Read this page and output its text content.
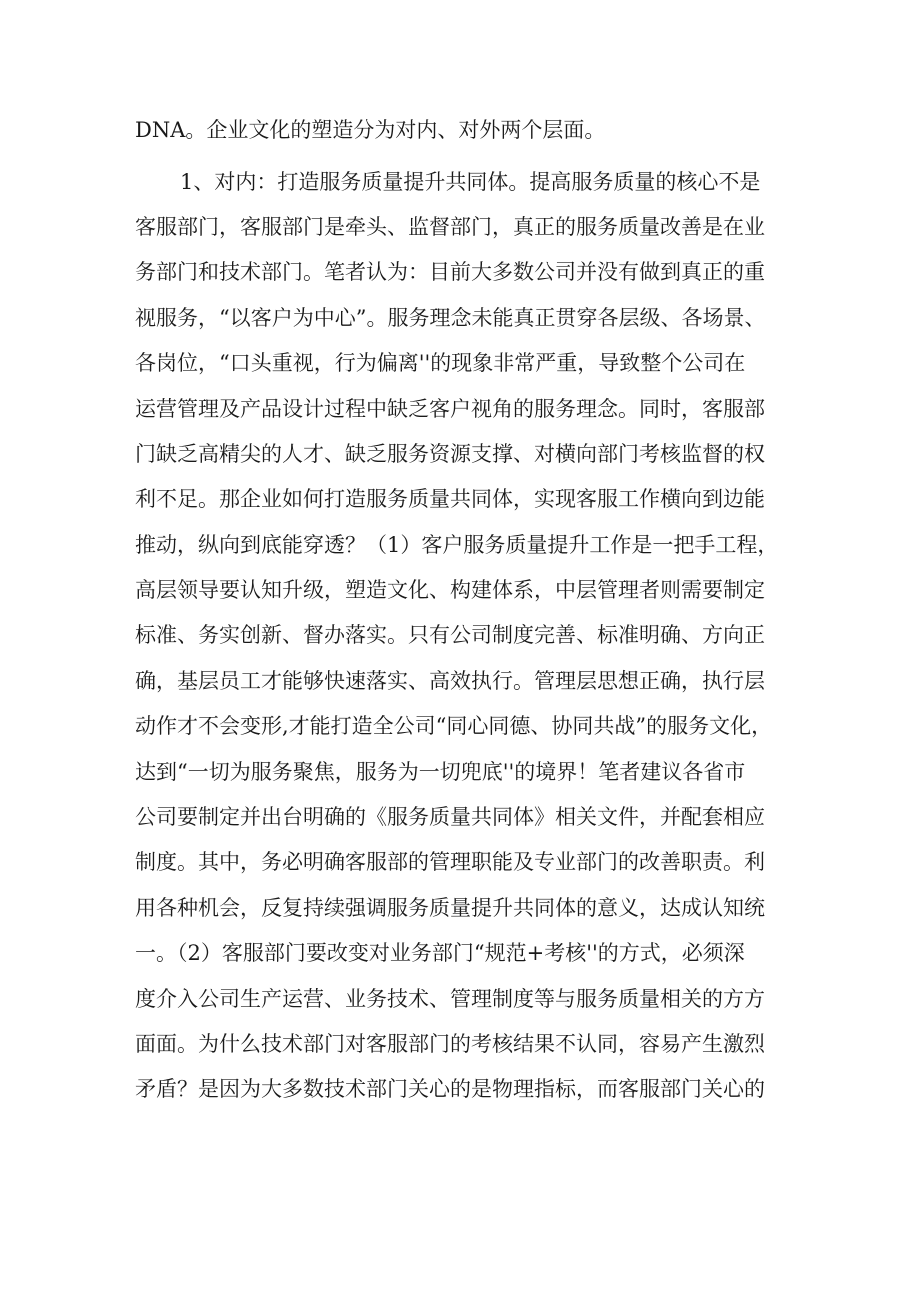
DNA。企业文化的塑造分为对内、对外两个层面。
1、对内：打造服务质量提升共同体。提高服务质量的核心不是
客服部门，客服部门是牵头、监督部门，真正的服务质量改善是在业
务部门和技术部门。笔者认为：目前大多数公司并没有做到真正的重
视服务，“以客户为中心”。服务理念未能真正贯穿各层级、各场景、
各岗位，“口头重视，行为偏离''的现象非常严重，导致整个公司在
运营管理及产品设计过程中缺乏客户视角的服务理念。同时，客服部
门缺乏高精尖的人才、缺乏服务资源支撑、对横向部门考核监督的权
利不足。那企业如何打造服务质量共同体，实现客服工作横向到边能
推动，纵向到底能穿透？（1）客户服务质量提升工作是一把手工程，
高层领导要认知升级，塑造文化、构建体系，中层管理者则需要制定
标准、务实创新、督办落实。只有公司制度完善、标准明确、方向正
确，基层员工才能够快速落实、高效执行。管理层思想正确，执行层
动作才不会变形,才能打造全公司“同心同德、协同共战”的服务文化，
达到“一切为服务聚焦，服务为一切兜底''的境界！笔者建议各省市
公司要制定并出台明确的《服务质量共同体》相关文件，并配套相应
制度。其中，务必明确客服部的管理职能及专业部门的改善职责。利
用各种机会，反复持续强调服务质量提升共同体的意义，达成认知统
一。（2）客服部门要改变对业务部门“规范+考核''的方式，必须深
度介入公司生产运营、业务技术、管理制度等与服务质量相关的方方
面面。为什么技术部门对客服部门的考核结果不认同，容易产生激烈
矛盾？是因为大多数技术部门关心的是物理指标，而客服部门关心的
